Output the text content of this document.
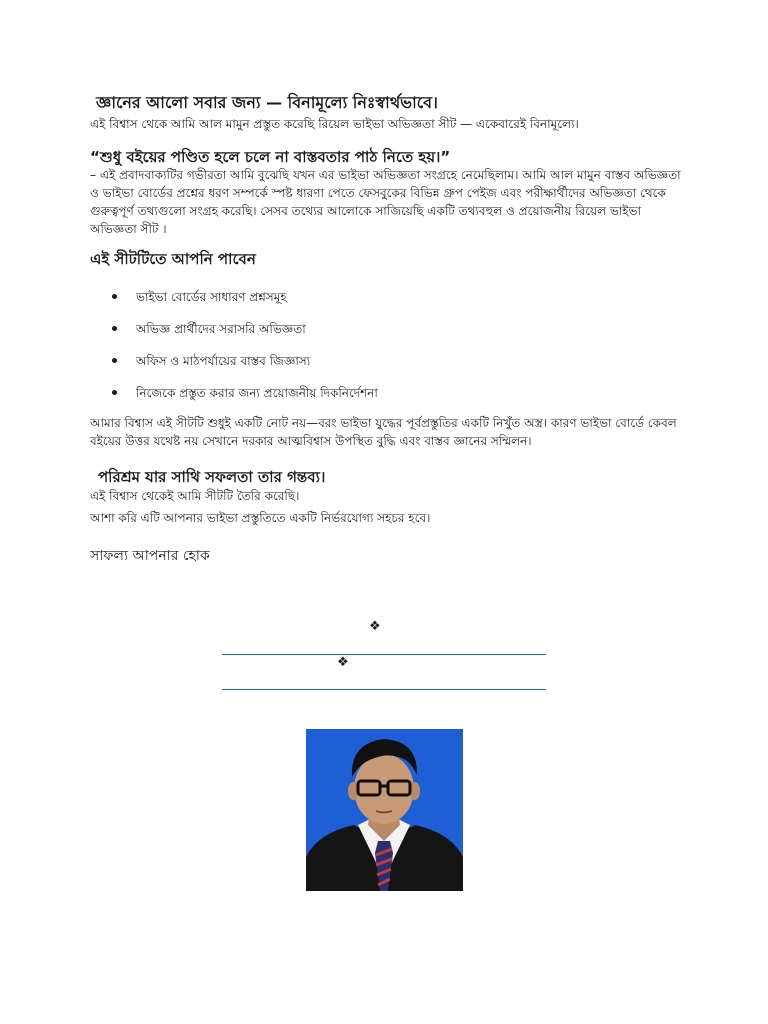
জ্ঞানের আলো সবার জন্য — বিনামূল্যে নিঃস্বার্থভাবে।
এই বিশ্বাস থেকে আমি আল মামুন প্রস্তুত করেছি রিয়েল ভাইভা অভিজ্ঞতা সীট — একেবারেই বিনামূল্যে।
“শুধু বইয়ের পণ্ডিত হলে চলে না বাস্তবতার পাঠ নিতে হয়।”
– এই প্রবাদবাক্যটির গভীরতা আমি বুঝেছি যখন এর ভাইভা অভিজ্ঞতা সংগ্রহে নেমেছিলাম। আমি আল মামুন বাস্তব অভিজ্ঞতা ও ভাইভা বোর্ডের প্রশ্নের ধরণ সম্পর্কে স্পষ্ট ধারণা পেতে ফেসবুকের বিভিন্ন গ্রুপ পেইজ এবং পরীক্ষার্থীদের অভিজ্ঞতা থেকে গুরুত্বপূর্ণ তথ্যগুলো সংগ্রহ করেছি। সেসব তথ্যের আলোকে সাজিয়েছি একটি তথ্যবহুল ও প্রয়োজনীয় রিয়েল ভাইভা অভিজ্ঞতা সীট ।
এই সীটটিতে আপনি পাবেন
ভাইভা বোর্ডের সাধারণ প্রশ্নসমূহ
অভিজ্ঞ প্রার্থীদের সরাসরি অভিজ্ঞতা
অফিস ও মাঠপর্যায়ের বাস্তব জিজ্ঞাস্য
নিজেকে প্রস্তুত করার জন্য প্রয়োজনীয় দিকনির্দেশনা
আমার বিশ্বাস এই সীটটি শুধুই একটি নোট নয়—বরং ভাইভা যুদ্ধের পূর্বপ্রস্তুতির একটি নিখুঁত অস্ত্র। কারণ ভাইভা বোর্ডে কেবল বইয়ের উত্তর যথেষ্ট নয় সেখানে দরকার আত্মবিশ্বাস উপস্থিত বুদ্ধি এবং বাস্তব জ্ঞানের সম্মিলন।
পরিশ্রম যার সাথি সফলতা তার গন্তব্য।
এই বিশ্বাস থেকেই আমি সীটটি তৈরি করেছি।
আশা করি এটি আপনার ভাইভা প্রস্তুতিতে একটি নির্ভরযোগ্য সহচর হবে।
সাফল্য আপনার হোক
❖
❖
